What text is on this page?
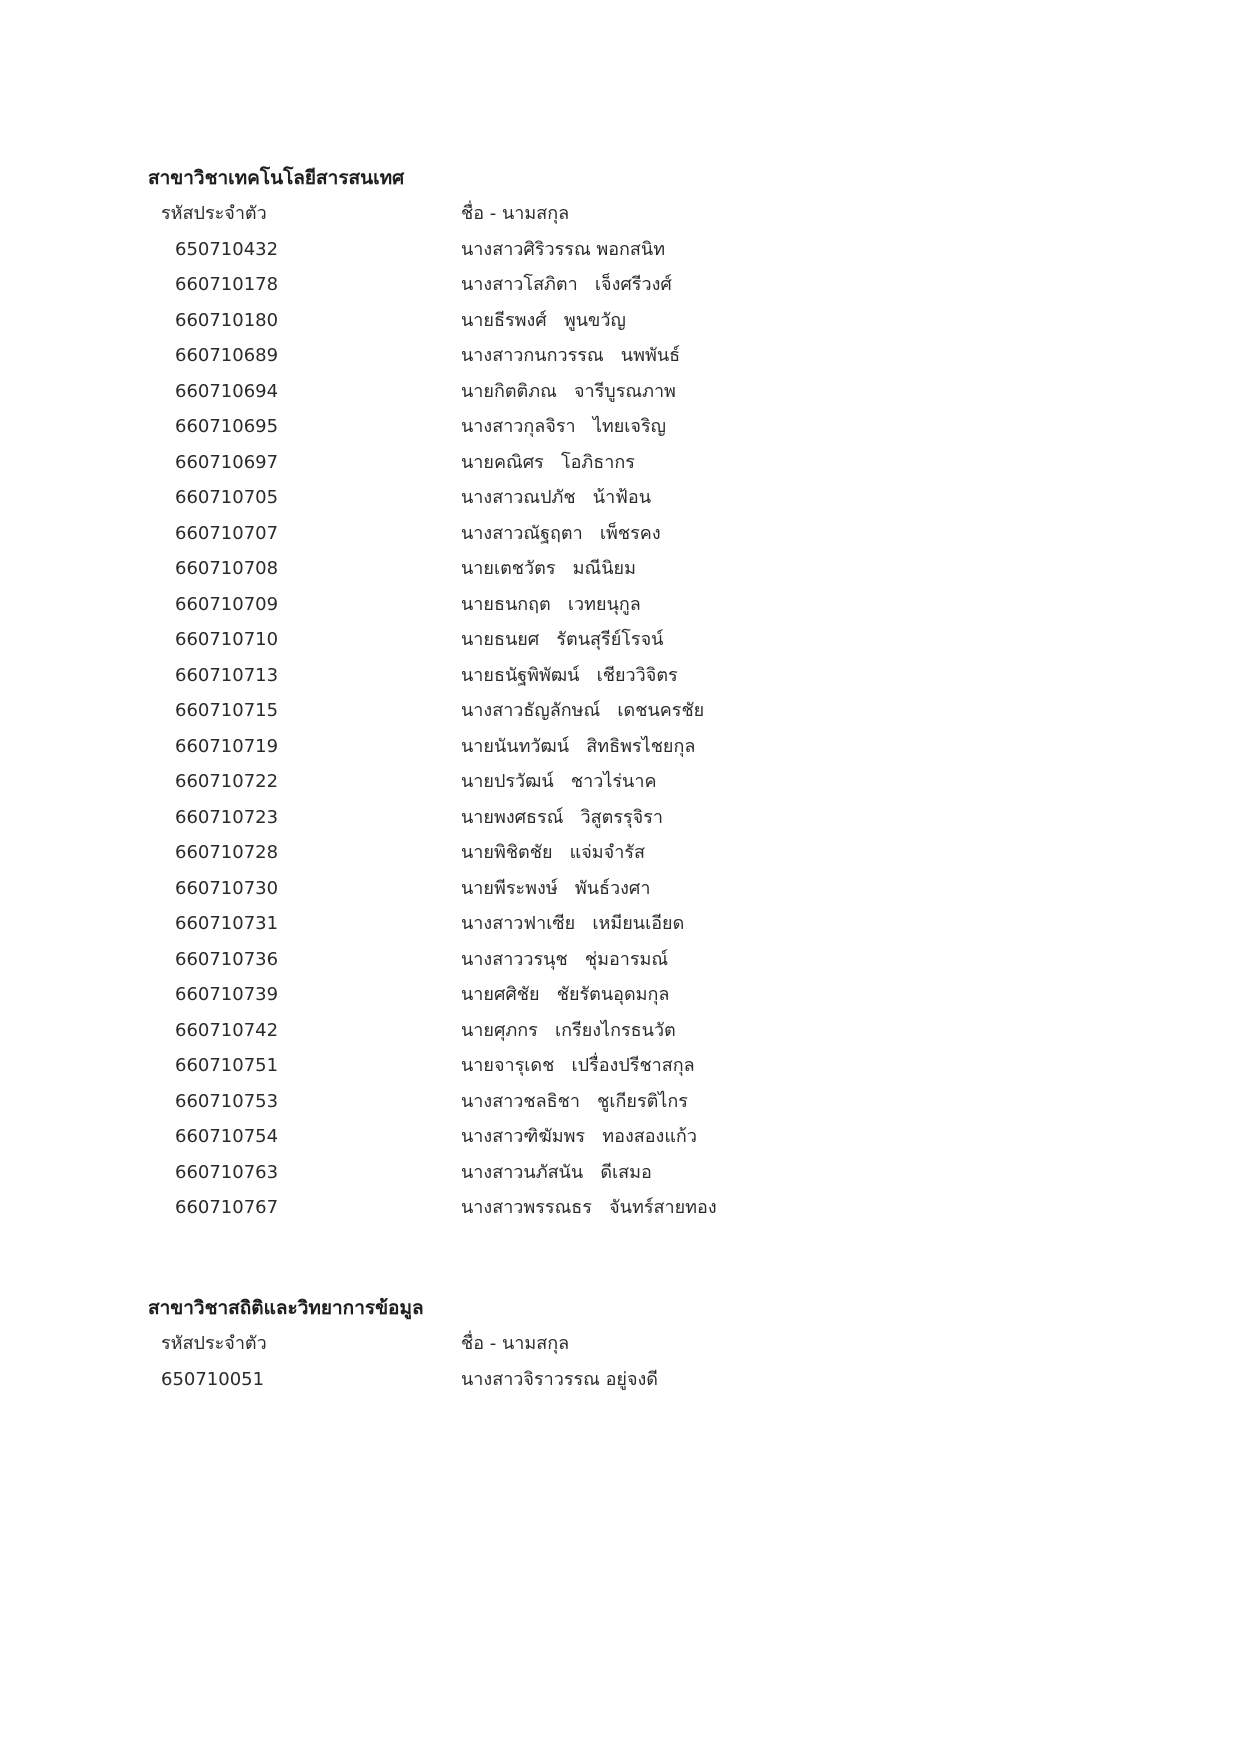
สาขาวิชาเทคโนโลยีสารสนเทศ
รหัสประจำตัว	ชื่อ - นามสกุล
650710432	นางสาวศิริวรรณ พอกสนิท
660710178	นางสาวโสภิตา   เจ็งศรีวงศ์
660710180	นายธีรพงศ์   พูนขวัญ
660710689	นางสาวกนกวรรณ   นพพันธ์
660710694	นายกิตติภณ   จารีบูรณภาพ
660710695	นางสาวกุลจิรา   ไทยเจริญ
660710697	นายคณิศร   โอภิธากร
660710705	นางสาวณปภัช   น้าฟ้อน
660710707	นางสาวณัฐฤตา   เพ็ชรคง
660710708	นายเตชวัตร   มณีนิยม
660710709	นายธนกฤต   เวทยนุกูล
660710710	นายธนยศ   รัตนสุรีย์โรจน์
660710713	นายธนัฐพิพัฒน์   เชียววิจิตร
660710715	นางสาวธัญลักษณ์   เดชนครชัย
660710719	นายนันทวัฒน์   สิทธิพรไชยกุล
660710722	นายปรวัฒน์   ชาวไร่นาค
660710723	นายพงศธรณ์   วิสูตรรุจิรา
660710728	นายพิชิตชัย   แจ่มจำรัส
660710730	นายพีระพงษ์   พันธ์วงศา
660710731	นางสาวฟาเซีย   เหมียนเอียด
660710736	นางสาววรนุช   ชุ่มอารมณ์
660710739	นายศศิชัย   ชัยรัตนอุดมกุล
660710742	นายศุภกร   เกรียงไกรธนวัต
660710751	นายจารุเดช   เปรื่องปรีชาสกุล
660710753	นางสาวชลธิชา   ชูเกียรติไกร
660710754	นางสาวฑิฆัมพร   ทองสองแก้ว
660710763	นางสาวนภัสนัน   ดีเสมอ
660710767	นางสาวพรรณธร   จันทร์สายทอง
สาขาวิชาสถิติและวิทยาการข้อมูล
รหัสประจำตัว	ชื่อ - นามสกุล
650710051	นางสาวจิราวรรณ อยู่จงดี
